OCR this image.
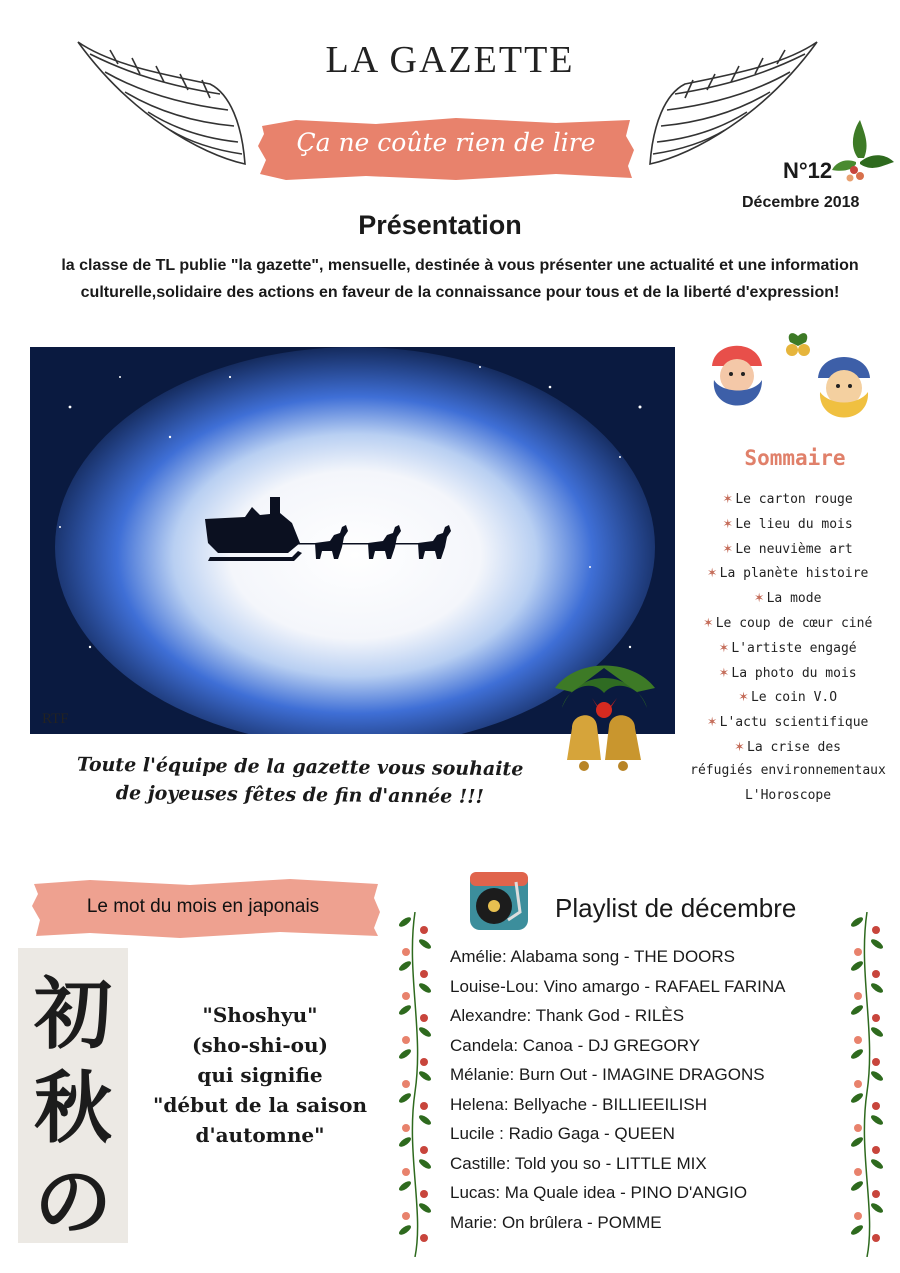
LA GAZETTE
Ça ne coûte rien de lire
N°12
Décembre 2018
Présentation
la classe de TL publie "la gazette", mensuelle, destinée à vous présenter une actualité et une information culturelle,solidaire des actions en faveur de la connaissance pour tous et de la liberté d'expression!
RTF
Toute l'équipe de la gazette vous souhaite
de joyeuses fêtes de fin d'année !!!
Sommaire
✶ Le carton rouge
✶ Le lieu du mois
✶ Le neuvième art
✶ La planète histoire
✶ La mode
✶ Le coup de cœur ciné
✶ L'artiste engagé
✶ La photo du mois
✶ Le coin V.O
✶ L'actu scientifique
✶ La crise des
réfugiés environnementaux
L'Horoscope
Le mot du mois en japonais
初
秋
の
"Shoshyu"
(sho-shi-ou)
qui signifie
"début de la saison
d'automne"
Playlist de décembre
Amélie: Alabama song - THE DOORS
Louise-Lou: Vino amargo - RAFAEL FARINA
Alexandre: Thank God - RILÈS
Candela: Canoa - DJ GREGORY
Mélanie: Burn Out - IMAGINE DRAGONS
Helena: Bellyache - BILLIEEILISH
Lucile : Radio Gaga - QUEEN
Castille: Told you so - LITTLE MIX
Lucas: Ma Quale idea - PINO D'ANGIO
Marie: On brûlera - POMME
